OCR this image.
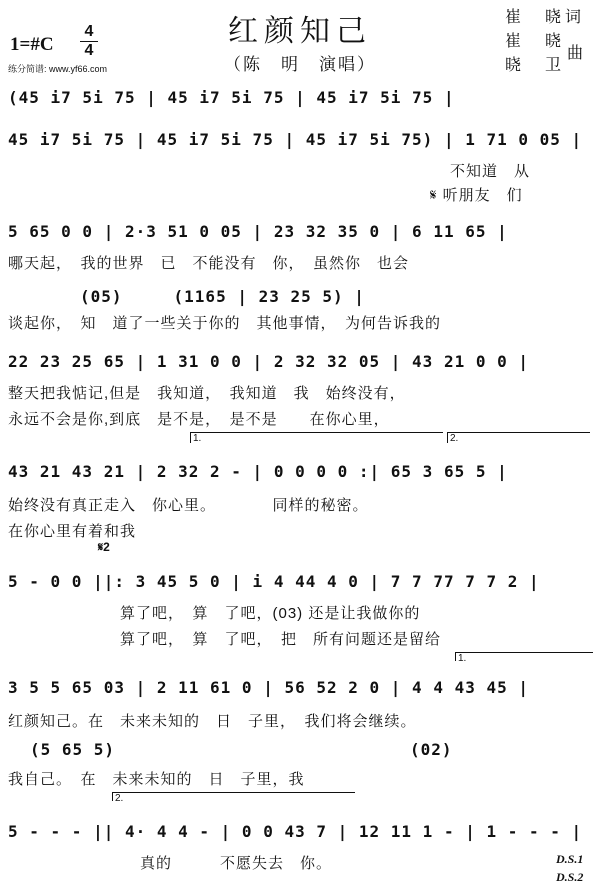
1=#C
4
4
练分简谱: www.yf66.com
红颜知己
（陈　明　演唱）
崔　晓词
崔　晓
晓　卫
曲
(45 i7 5i 75 | 45 i7 5i 75 | 45 i7 5i 75 |
45 i7 5i 75 | 45 i7 5i 75 | 45 i7 5i 75) | 1 71 0 05 |
不知道　从
𝄋 听朋友　们
5 65 0 0 | 2·3 51 0 05 | 23 32 35 0 | 6 11 65 |
哪天起，　我的世界　已　不能没有　你，　虽然你　也会
(05)　　　(1165 | 23 25 5) |
谈起你，　知　道了一些关于你的　其他事情，　为何告诉我的
22 23 25 65 | 1 31 0 0 | 2 32 32 05 | 43 21 0 0 |
整天把我惦记,但是　我知道，　我知道　我　始终没有，
永远不会是你,到底　是不是，　是不是　　在你心里，
1.	2.
43 21 43 21 | 2 32 2 - | 0 0 0 0 :| 65 3 65 5 |
始终没有真正走入　你心里。　　　　同样的秘密。
在你心里有着和我
𝄋2
5 - 0 0 ||: 3 45 5 0 | i 4 44 4 0 | 7 7 77 7 7 2 |
算了吧，　算　了吧，(03) 还是让我做你的
算了吧，　算　了吧，　把　所有问题还是留给
1.
3 5 5 65 03 | 2 11 61 0 | 56 52 2 0 | 4 4 43 45 |
红颜知己。在　未来未知的　日　子里，　我们将会继续。
(5 65 5)	(02)
我自己。　在　未来未知的　日　子里，我
2.
5 - - - || 4· 4 4 - | 0 0 43 7 | 12 11 1 - | 1 - - - |
真的　　　不愿失去　你。	D.S.1
D.S.2
